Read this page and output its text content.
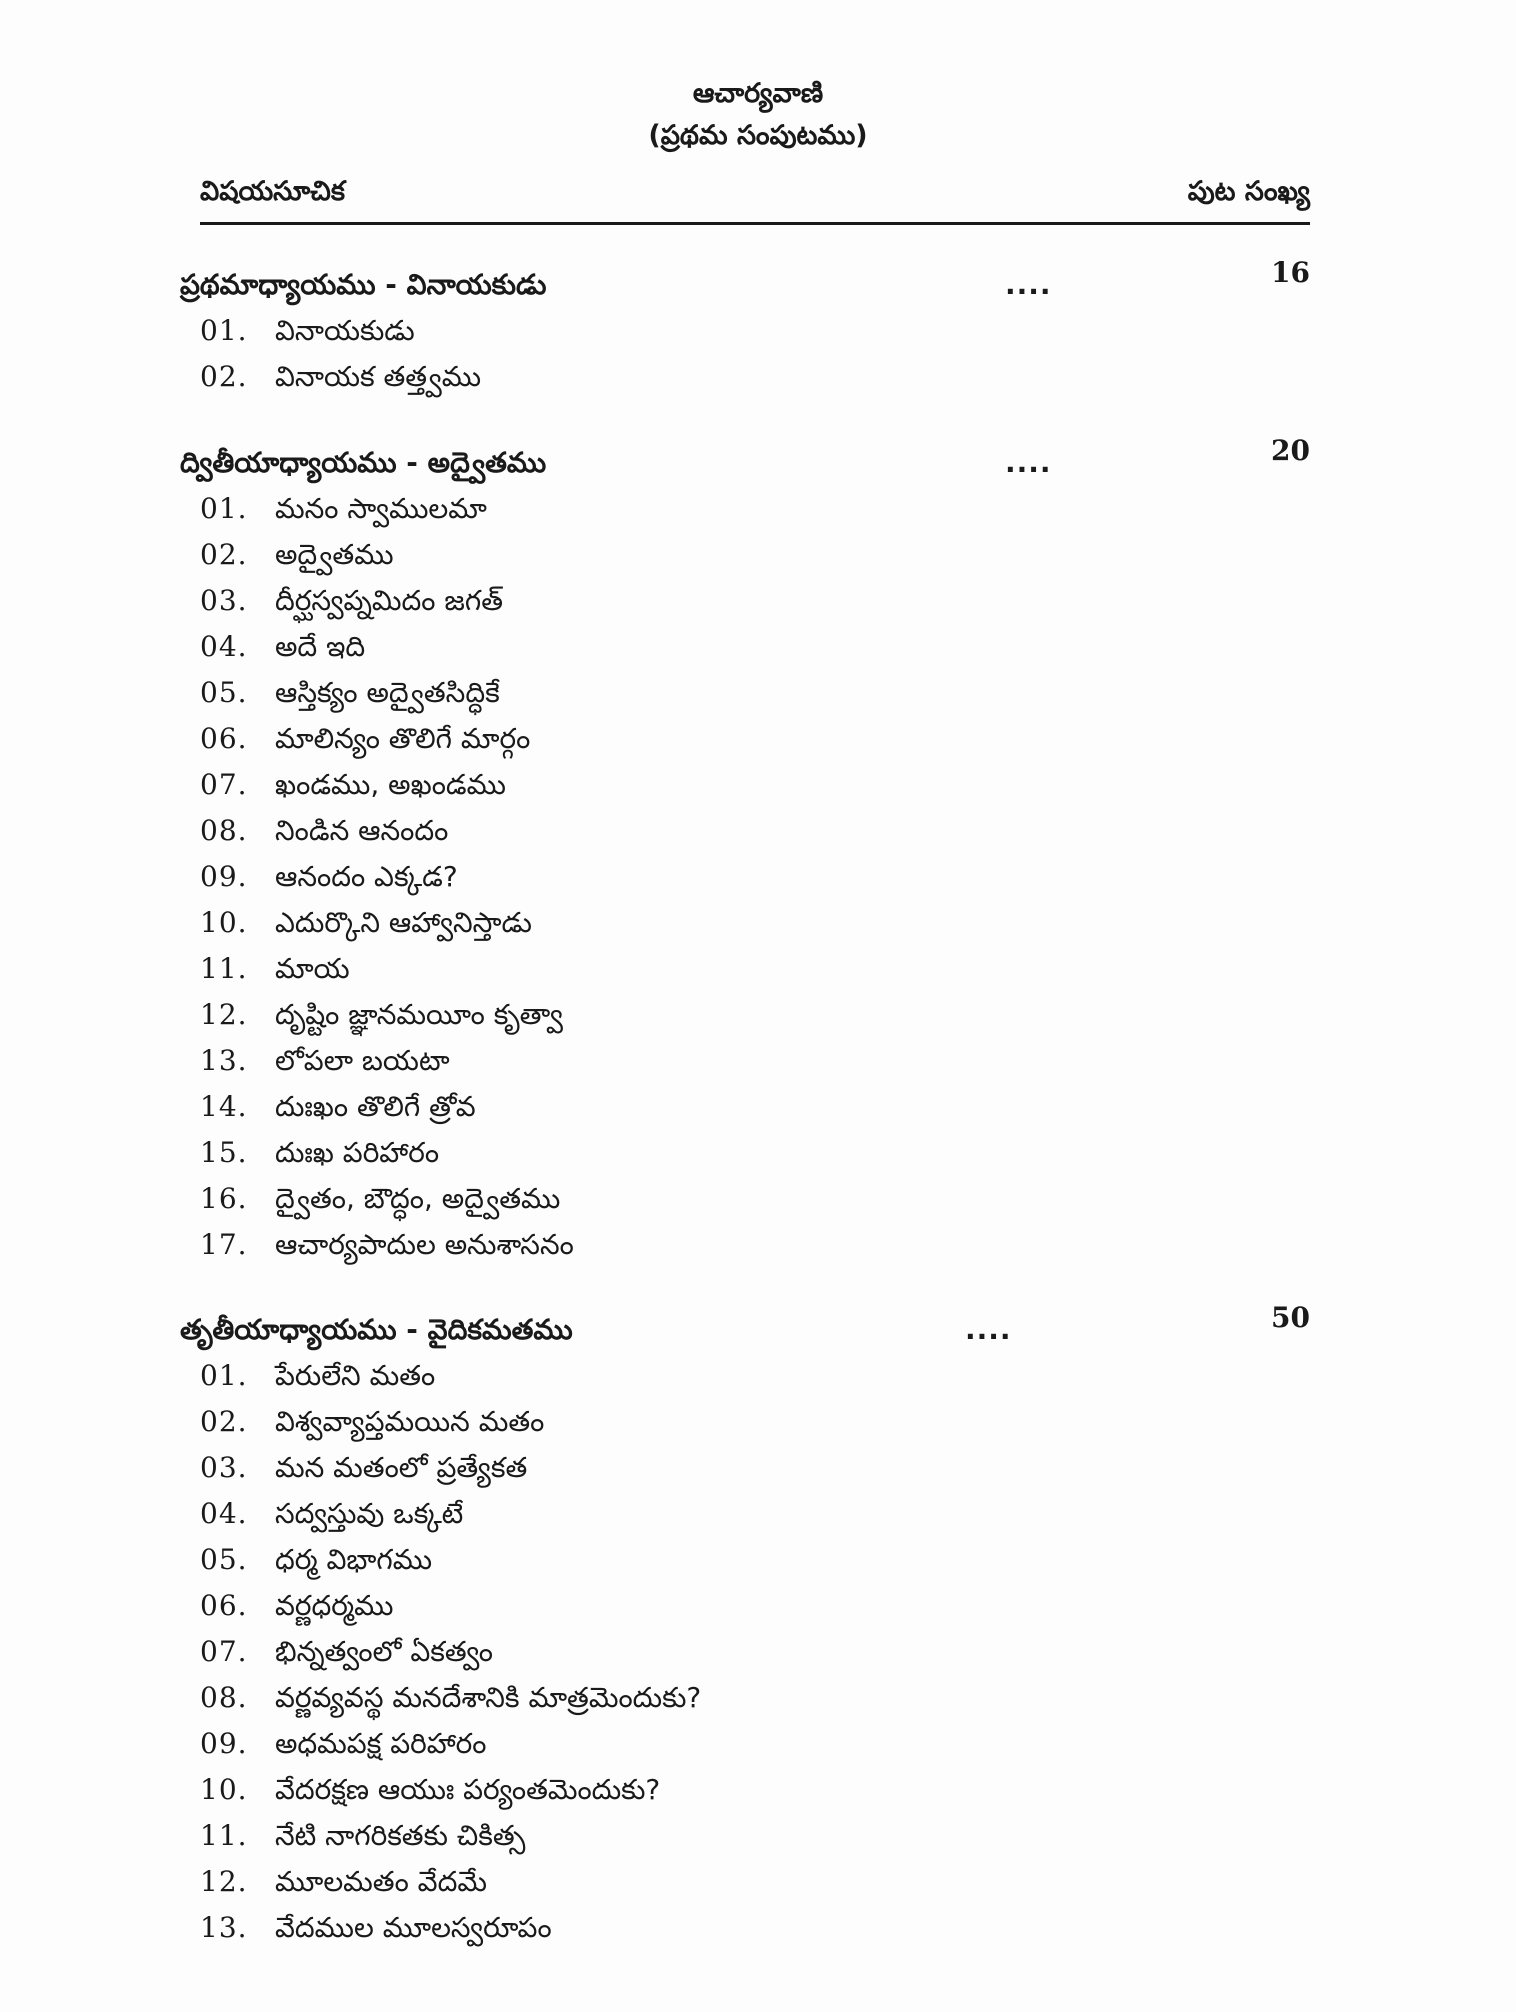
ఆచార్యవాణి
(ప్రథమ సంపుటము)
విషయసూచిక	పుట సంఖ్య
ప్రథమాధ్యాయము - వినాయకుడు	....	16
01. వినాయకుడు
02. వినాయక తత్త్వము
ద్వితీయాధ్యాయము - అద్వైతము	....	20
01. మనం స్వాములమా
02. అద్వైతము
03. దీర్ఘస్వప్నమిదం జగత్
04. అదే ఇది
05. ఆస్తిక్యం అద్వైతసిద్ధికే
06. మాలిన్యం తొలిగే మార్గం
07. ఖండము, అఖండము
08. నిండిన ఆనందం
09. ఆనందం ఎక్కడ?
10. ఎదుర్కొని ఆహ్వానిస్తాడు
11. మాయ
12. దృష్టిం జ్ఞానమయీం కృత్వా
13. లోపలా బయటా
14. దుఃఖం తొలిగే త్రోవ
15. దుఃఖ పరిహారం
16. ద్వైతం, బౌద్ధం, అద్వైతము
17. ఆచార్యపాదుల అనుశాసనం
తృతీయాధ్యాయము - వైదికమతము	....	50
01. పేరులేని మతం
02. విశ్వవ్యాప్తమయిన మతం
03. మన మతంలో ప్రత్యేకత
04. సద్వస్తువు ఒక్కటే
05. ధర్మ విభాగము
06. వర్ణధర్మము
07. భిన్నత్వంలో ఏకత్వం
08. వర్ణవ్యవస్థ మనదేశానికి మాత్రమెందుకు?
09. అధమపక్ష పరిహారం
10. వేదరక్షణ ఆయుః పర్యంతమెందుకు?
11. నేటి నాగరికతకు చికిత్స
12. మూలమతం వేదమే
13. వేదముల మూలస్వరూపం
